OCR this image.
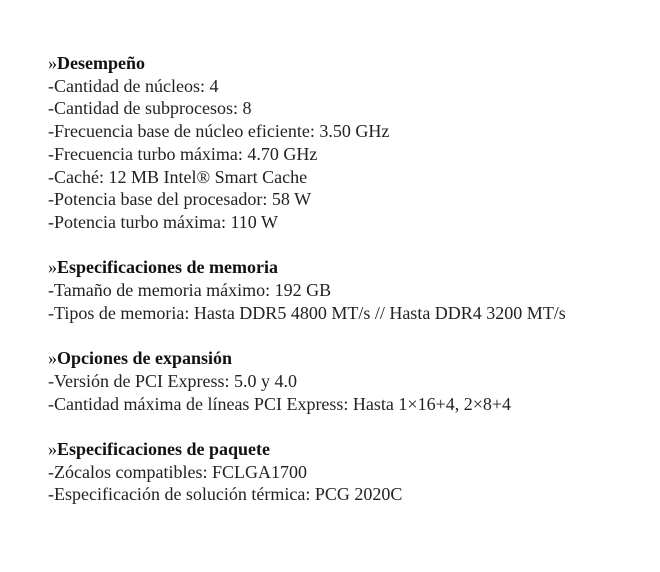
»Desempeño
-Cantidad de núcleos: 4
-Cantidad de subprocesos: 8
-Frecuencia base de núcleo eficiente: 3.50 GHz
-Frecuencia turbo máxima: 4.70 GHz
-Caché: 12 MB Intel® Smart Cache
-Potencia base del procesador: 58 W
-Potencia turbo máxima: 110 W
»Especificaciones de memoria
-Tamaño de memoria máximo: 192 GB
-Tipos de memoria: Hasta DDR5 4800 MT/s // Hasta DDR4 3200 MT/s
»Opciones de expansión
-Versión de PCI Express: 5.0 y 4.0
-Cantidad máxima de líneas PCI Express: Hasta 1×16+4, 2×8+4
»Especificaciones de paquete
-Zócalos compatibles: FCLGA1700
-Especificación de solución térmica: PCG 2020C
